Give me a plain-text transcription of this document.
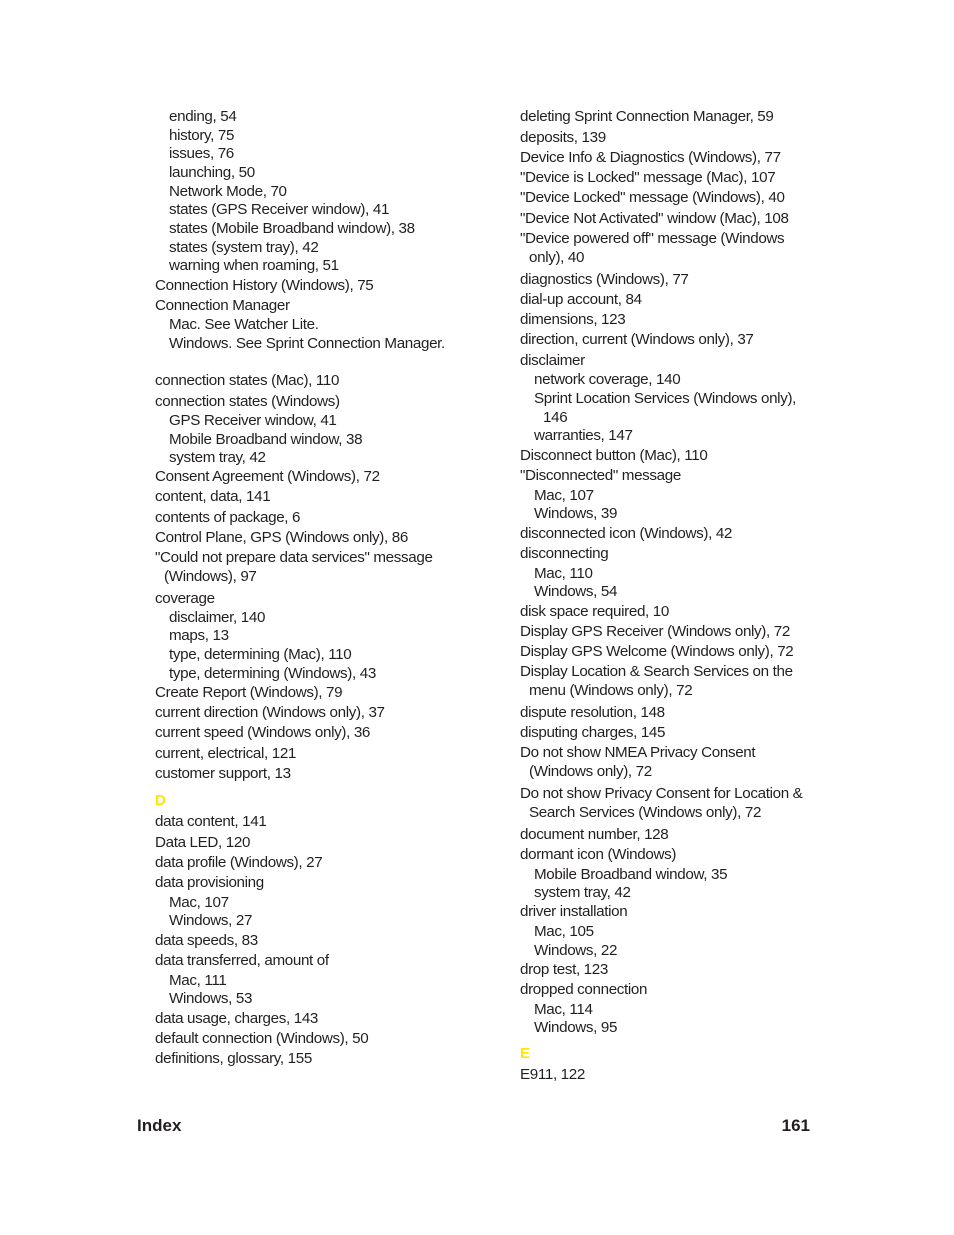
ending, 54
history, 75
issues, 76
launching, 50
Network Mode, 70
states (GPS Receiver window), 41
states (Mobile Broadband window), 38
states (system tray), 42
warning when roaming, 51
Connection History (Windows), 75
Connection Manager
Mac. See Watcher Lite.
Windows. See Sprint Connection Manager.
connection states (Mac), 110
connection states (Windows)
GPS Receiver window, 41
Mobile Broadband window, 38
system tray, 42
Consent Agreement (Windows), 72
content, data, 141
contents of package, 6
Control Plane, GPS (Windows only), 86
"Could not prepare data services" message (Windows), 97
coverage
disclaimer, 140
maps, 13
type, determining (Mac), 110
type, determining (Windows), 43
Create Report (Windows), 79
current direction (Windows only), 37
current speed (Windows only), 36
current, electrical, 121
customer support, 13
D
data content, 141
Data LED, 120
data profile (Windows), 27
data provisioning
Mac, 107
Windows, 27
data speeds, 83
data transferred, amount of
Mac, 111
Windows, 53
data usage, charges, 143
default connection (Windows), 50
definitions, glossary, 155
deleting Sprint Connection Manager, 59
deposits, 139
Device Info & Diagnostics (Windows), 77
"Device is Locked" message (Mac), 107
"Device Locked" message (Windows), 40
"Device Not Activated" window (Mac), 108
"Device powered off" message (Windows only), 40
diagnostics (Windows), 77
dial-up account, 84
dimensions, 123
direction, current (Windows only), 37
disclaimer
network coverage, 140
Sprint Location Services (Windows only), 146
warranties, 147
Disconnect button (Mac), 110
"Disconnected" message
Mac, 107
Windows, 39
disconnected icon (Windows), 42
disconnecting
Mac, 110
Windows, 54
disk space required, 10
Display GPS Receiver (Windows only), 72
Display GPS Welcome (Windows only), 72
Display Location & Search Services on the menu (Windows only), 72
dispute resolution, 148
disputing charges, 145
Do not show NMEA Privacy Consent (Windows only), 72
Do not show Privacy Consent for Location & Search Services (Windows only), 72
document number, 128
dormant icon (Windows)
Mobile Broadband window, 35
system tray, 42
driver installation
Mac, 105
Windows, 22
drop test, 123
dropped connection
Mac, 114
Windows, 95
E
E911, 122
Index	161
